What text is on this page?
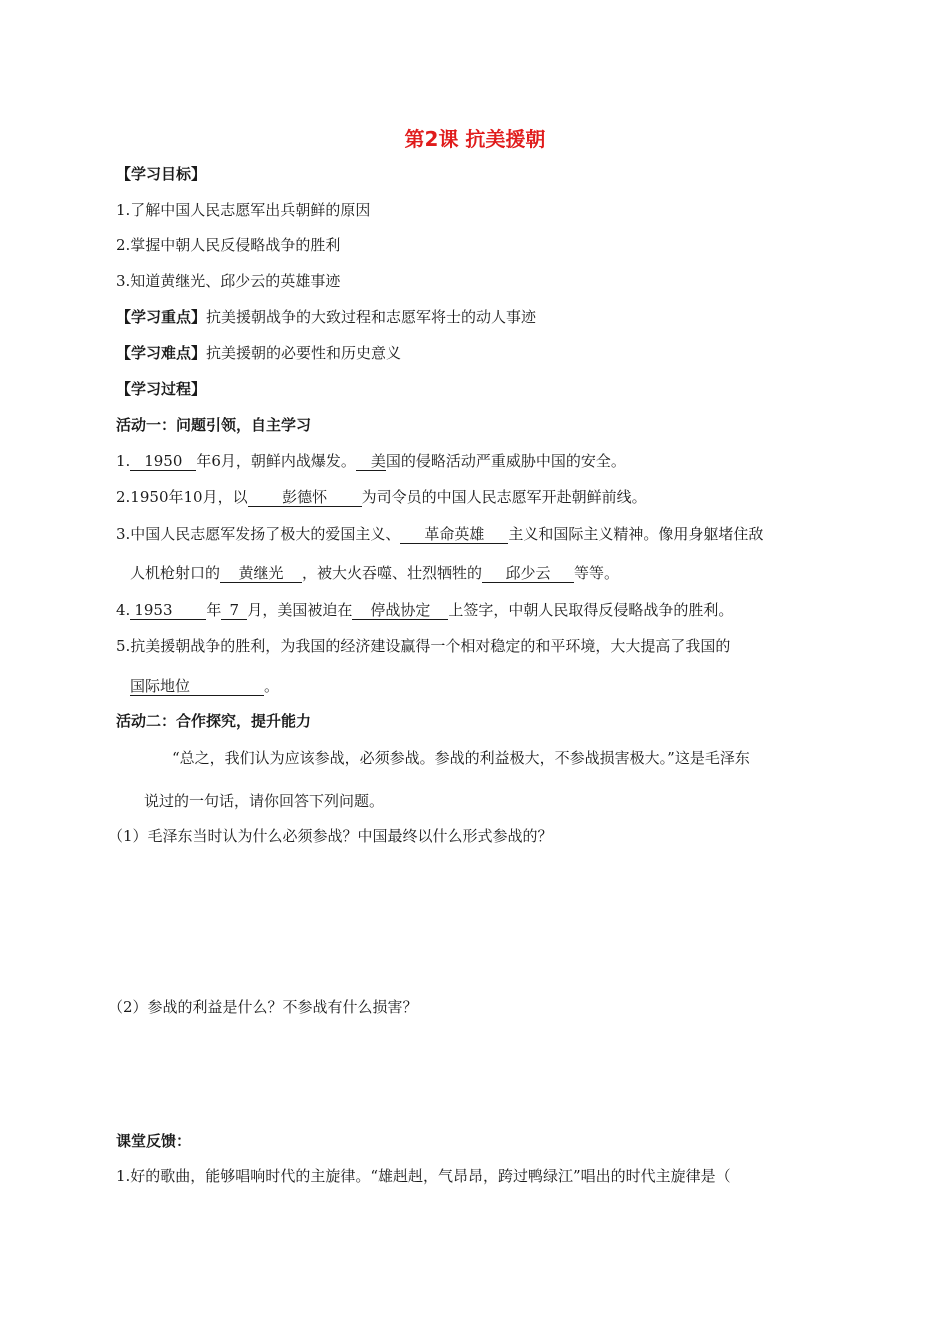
第2课 抗美援朝
【学习目标】
1.了解中国人民志愿军出兵朝鲜的原因
2.掌握中朝人民反侵略战争的胜利
3.知道黄继光、邱少云的英雄事迹
【学习重点】抗美援朝战争的大致过程和志愿军将士的动人事迹
【学习难点】抗美援朝的必要性和历史意义
【学习过程】
活动一：问题引领，自主学习
1. 1950 年6月，朝鲜内战爆发。 美国的侵略活动严重威胁中国的安全。
2.1950年10月，以 彭德怀 为司令员的中国人民志愿军开赴朝鲜前线。
3.中国人民志愿军发扬了极大的爱国主义、 革命英雄 主义和国际主义精神。像用身躯堵住敌
人机枪射口的 黄继光 ，被大火吞噬、壮烈牺牲的 邱少云 等等。
4. 1953 年 7 月，美国被迫在 停战协定 上签字，中朝人民取得反侵略战争的胜利。
5.抗美援朝战争的胜利，为我国的经济建设赢得一个相对稳定的和平环境，大大提高了我国的
国际地位	。
活动二：合作探究，提升能力
“总之，我们认为应该参战，必须参战。参战的利益极大，不参战损害极大。”这是毛泽东
说过的一句话，请你回答下列问题。
（1）毛泽东当时认为什么必须参战？中国最终以什么形式参战的？
（2）参战的利益是什么？不参战有什么损害？
课堂反馈：
1.好的歌曲，能够唱响时代的主旋律。“雄赳赳，气昂昂，跨过鸭绿江”唱出的时代主旋律是（
